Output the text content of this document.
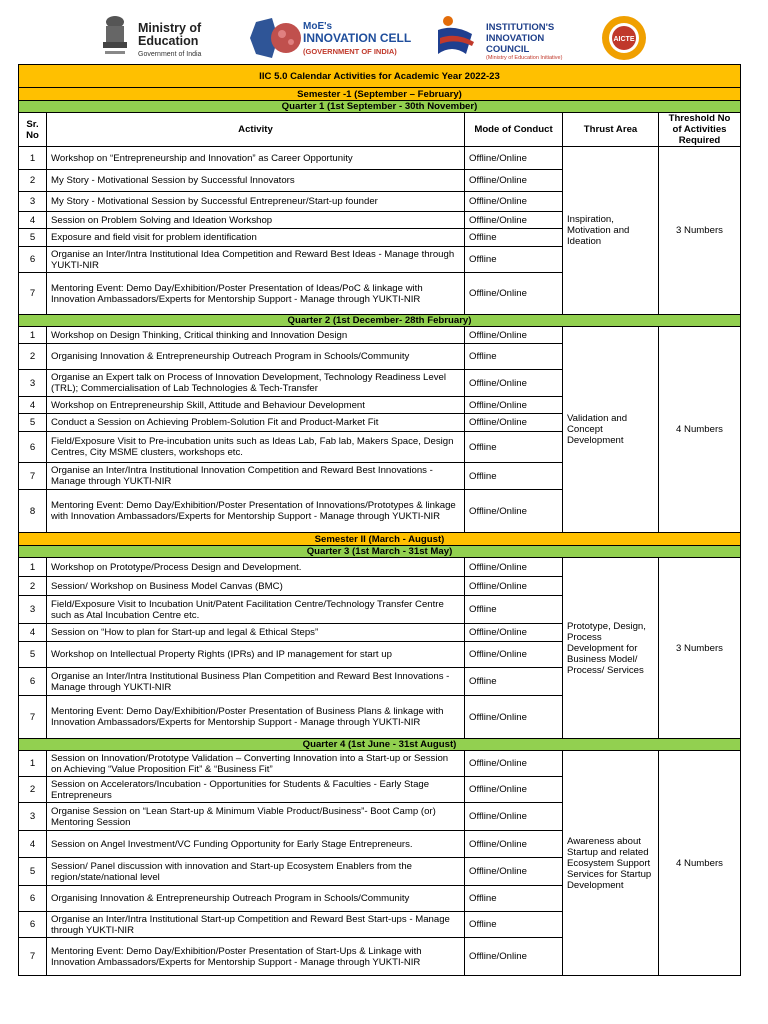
Ministry of
Education
Government of India
MoE's
INNOVATION CELL
(GOVERNMENT OF INDIA)
INSTITUTION'S
INNOVATION
COUNCIL
(Ministry of Education Initiative)
AICTE
IIC 5.0 Calendar Activities for Academic Year 2022-23				
Semester -1 (September – February)				
Quarter 1 (1st September - 30th November)				
Sr. No	Activity	Mode of Conduct	Thrust Area	Threshold No of Activities Required
1	Workshop on “Entrepreneurship and Innovation” as Career Opportunity	Offline/Online	Inspiration, Motivation and Ideation	3 Numbers
2	My Story - Motivational Session by Successful Innovators	Offline/Online		
3	My Story - Motivational Session by Successful Entrepreneur/Start-up founder	Offline/Online		
4	Session on Problem Solving and Ideation Workshop	Offline/Online		
5	Exposure and field visit for problem identification	Offline		
6	Organise an Inter/Intra Institutional Idea Competition and Reward Best Ideas - Manage through YUKTI-NIR	Offline		
7	Mentoring Event: Demo Day/Exhibition/Poster Presentation of Ideas/PoC & linkage with Innovation Ambassadors/Experts for Mentorship Support - Manage through YUKTI-NIR	Offline/Online		
Quarter 2 (1st December- 28th February)				
1	Workshop on Design Thinking, Critical thinking and Innovation Design	Offline/Online	Validation and Concept Development	4 Numbers
2	Organising Innovation & Entrepreneurship Outreach Program in Schools/Community	Offline		
3	Organise an Expert talk on Process of Innovation Development, Technology Readiness Level (TRL); Commercialisation of Lab Technologies & Tech-Transfer	Offline/Online		
4	Workshop on Entrepreneurship Skill, Attitude and Behaviour Development	Offline/Online		
5	Conduct a Session on Achieving Problem-Solution Fit and Product-Market Fit	Offline/Online		
6	Field/Exposure Visit to Pre-incubation units such as Ideas Lab, Fab lab, Makers Space, Design Centres, City MSME clusters, workshops etc.	Offline		
7	Organise an Inter/Intra Institutional Innovation Competition and Reward Best Innovations - Manage through YUKTI-NIR	Offline		
8	Mentoring Event: Demo Day/Exhibition/Poster Presentation of Innovations/Prototypes & linkage with Innovation Ambassadors/Experts for Mentorship Support - Manage through YUKTI-NIR	Offline/Online		
Semester II (March - August)				
Quarter 3 (1st March - 31st May)				
1	Workshop on Prototype/Process Design and Development.	Offline/Online	Prototype, Design, Process Development for Business Model/ Process/ Services	3 Numbers
2	Session/ Workshop on Business Model Canvas (BMC)	Offline/Online		
3	Field/Exposure Visit to Incubation Unit/Patent Facilitation Centre/Technology Transfer Centre such as Atal Incubation Centre etc.	Offline		
4	Session on “How to plan for Start-up and legal & Ethical Steps”	Offline/Online		
5	Workshop on Intellectual Property Rights (IPRs) and IP management for start up	Offline/Online		
6	Organise an Inter/Intra Institutional Business Plan Competition and Reward Best Innovations - Manage through YUKTI-NIR	Offline		
7	Mentoring Event: Demo Day/Exhibition/Poster Presentation of Business Plans & linkage with Innovation Ambassadors/Experts for Mentorship Support - Manage through YUKTI-NIR	Offline/Online		
Quarter 4 (1st June - 31st August)				
1	Session on Innovation/Prototype Validation – Converting Innovation into a Start-up or Session on Achieving “Value Proposition Fit” & “Business Fit”	Offline/Online	Awareness about Startup and related Ecosystem Support Services for Startup Development	4 Numbers
2	Session on Accelerators/Incubation - Opportunities for Students & Faculties - Early Stage Entrepreneurs	Offline/Online		
3	Organise Session on “Lean Start-up & Minimum Viable Product/Business”- Boot Camp (or) Mentoring Session	Offline/Online		
4	Session on Angel Investment/VC Funding Opportunity for Early Stage Entrepreneurs.	Offline/Online		
5	Session/ Panel discussion with innovation and Start-up Ecosystem Enablers from the region/state/national level	Offline/Online		
6	Organising Innovation & Entrepreneurship Outreach Program in Schools/Community	Offline		
6	Organise an Inter/Intra Institutional Start-up Competition and Reward Best Start-ups - Manage through YUKTI-NIR	Offline		
7	Mentoring Event: Demo Day/Exhibition/Poster Presentation of Start-Ups & Linkage with Innovation Ambassadors/Experts for Mentorship Support - Manage through YUKTI-NIR	Offline/Online		
